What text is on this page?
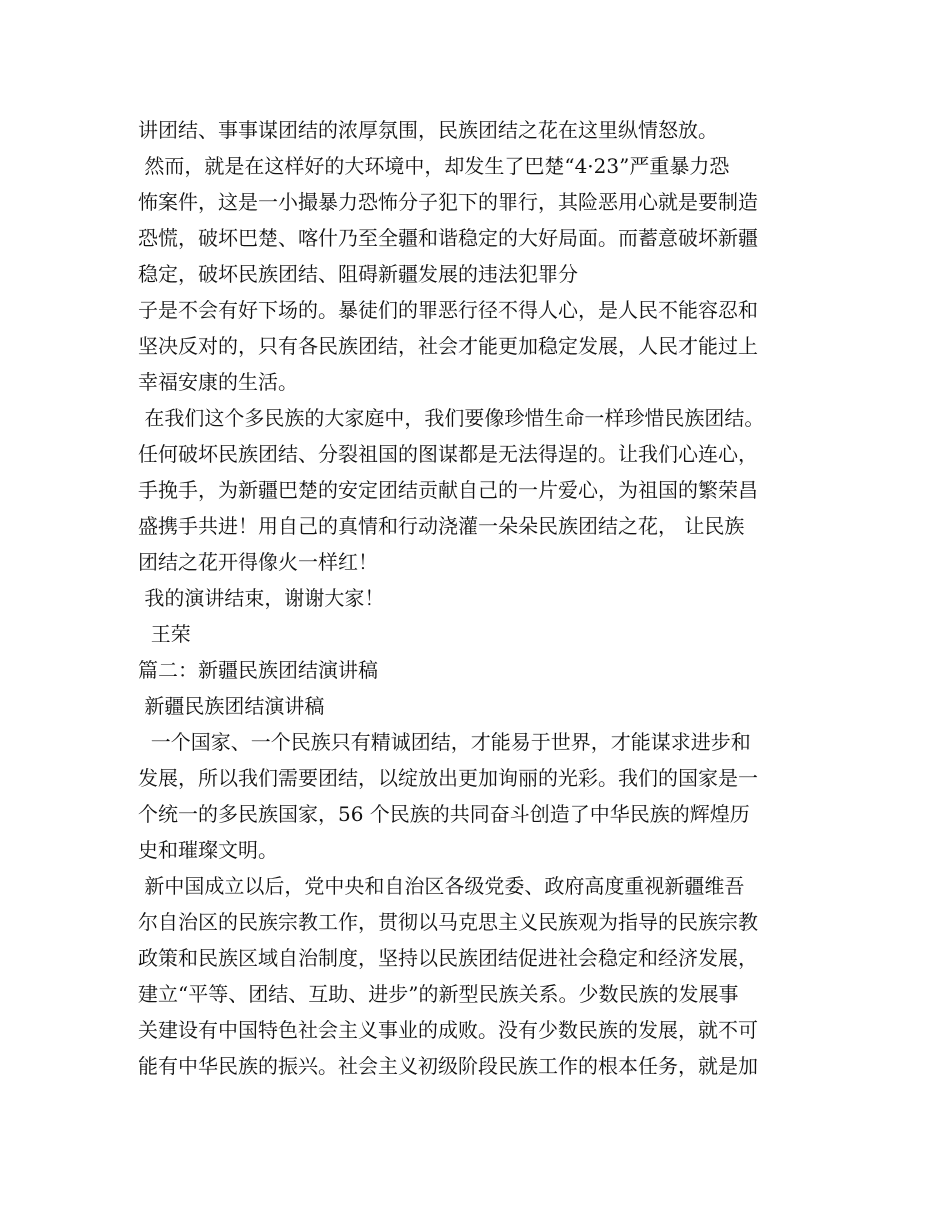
讲团结、事事谋团结的浓厚氛围，民族团结之花在这里纵情怒放。
然而，就是在这样好的大环境中，却发生了巴楚“4·23”严重暴力恐
怖案件，这是一小撮暴力恐怖分子犯下的罪行，其险恶用心就是要制造
恐慌，破坏巴楚、喀什乃至全疆和谐稳定的大好局面。而蓄意破坏新疆
稳定，破坏民族团结、阻碍新疆发展的违法犯罪分
子是不会有好下场的。暴徒们的罪恶行径不得人心，是人民不能容忍和
坚决反对的，只有各民族团结，社会才能更加稳定发展，人民才能过上
幸福安康的生活。
在我们这个多民族的大家庭中，我们要像珍惜生命一样珍惜民族团结。
任何破坏民族团结、分裂祖国的图谋都是无法得逞的。让我们心连心，
手挽手，为新疆巴楚的安定团结贡献自己的一片爱心，为祖国的繁荣昌
盛携手共进！用自己的真情和行动浇灌一朵朵民族团结之花， 让民族
团结之花开得像火一样红！
我的演讲结束，谢谢大家！
王荣
篇二：新疆民族团结演讲稿
新疆民族团结演讲稿
一个国家、一个民族只有精诚团结，才能易于世界，才能谋求进步和
发展，所以我们需要团结，以绽放出更加询丽的光彩。我们的国家是一
个统一的多民族国家，56 个民族的共同奋斗创造了中华民族的辉煌历
史和璀璨文明。
新中国成立以后，党中央和自治区各级党委、政府高度重视新疆维吾
尔自治区的民族宗教工作，贯彻以马克思主义民族观为指导的民族宗教
政策和民族区域自治制度，坚持以民族团结促进社会稳定和经济发展，
建立“平等、团结、互助、进步”的新型民族关系。少数民族的发展事
关建设有中国特色社会主义事业的成败。没有少数民族的发展，就不可
能有中华民族的振兴。社会主义初级阶段民族工作的根本任务，就是加
